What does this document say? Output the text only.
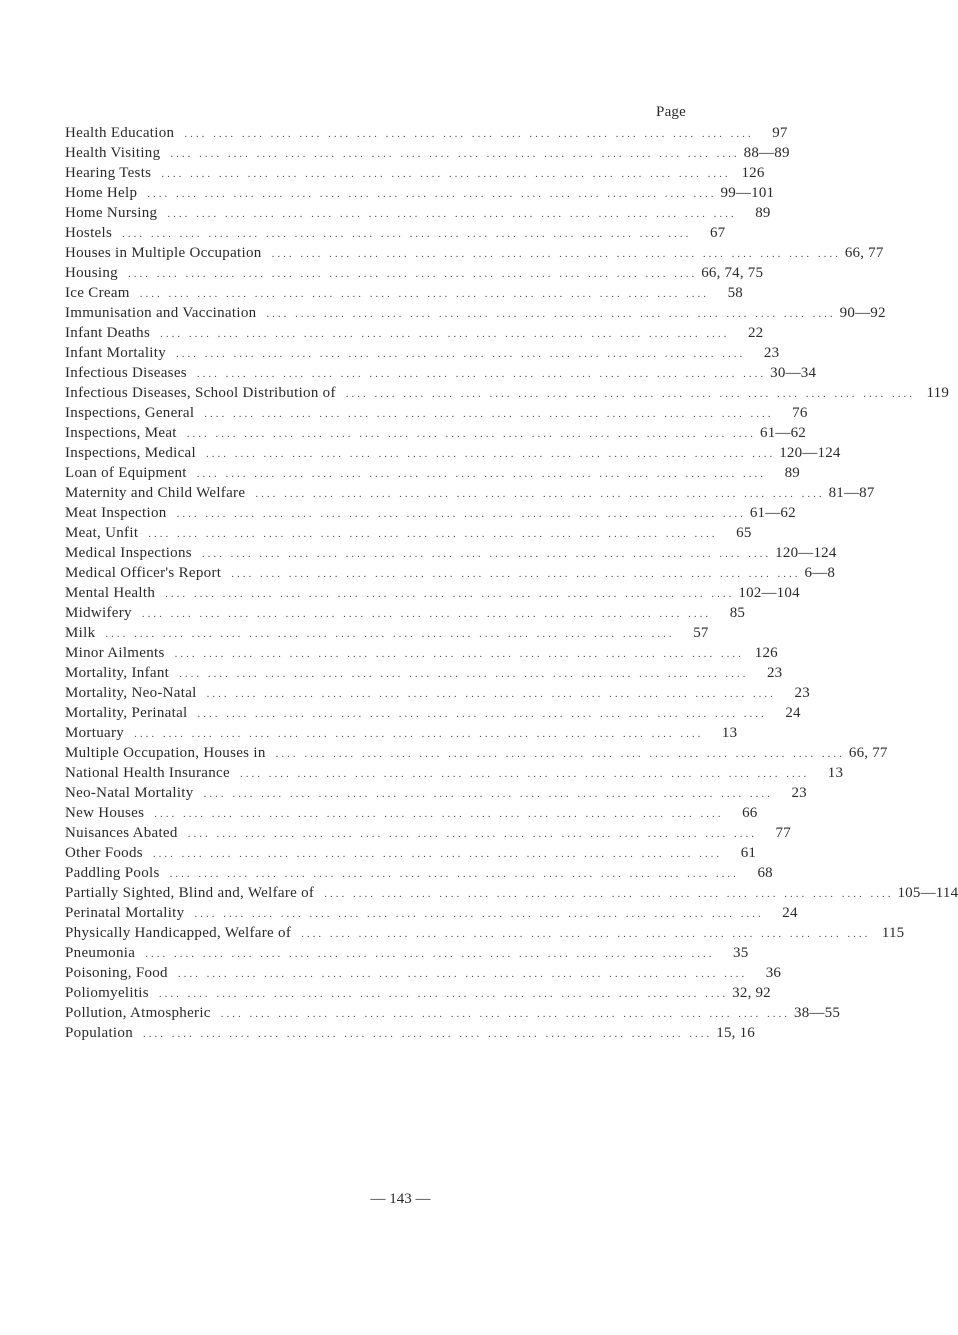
Page
Health Education .... .... .... .... .... .... .... .... .... .... .... .... .... .... .... .... .... .... .... ....	97
Health Visiting .... .... .... .... .... .... .... .... .... .... .... .... .... .... .... .... .... .... .... .... 88—89
Hearing Tests .... .... .... .... .... .... .... .... .... .... .... .... .... .... .... .... .... .... .... .... 126
Home Help .... .... .... .... .... .... .... .... .... .... .... .... .... .... .... .... .... .... .... .... 99—101
Home Nursing .... .... .... .... .... .... .... .... .... .... .... .... .... .... .... .... .... .... .... ....	89
Hostels .... .... .... .... .... .... .... .... .... .... .... .... .... .... .... .... .... .... .... ....	67
Houses in Multiple Occupation .... .... .... .... .... .... .... .... .... .... .... .... .... .... .... .... .... .... .... .... 66, 77
Housing .... .... .... .... .... .... .... .... .... .... .... .... .... .... .... .... .... .... .... .... 66, 74, 75
Ice Cream .... .... .... .... .... .... .... .... .... .... .... .... .... .... .... .... .... .... .... ....	58
Immunisation and Vaccination .... .... .... .... .... .... .... .... .... .... .... .... .... .... .... .... .... .... .... .... 90—92
Infant Deaths .... .... .... .... .... .... .... .... .... .... .... .... .... .... .... .... .... .... .... ....	22
Infant Mortality .... .... .... .... .... .... .... .... .... .... .... .... .... .... .... .... .... .... .... ....	23
Infectious Diseases .... .... .... .... .... .... .... .... .... .... .... .... .... .... .... .... .... .... .... .... 30—34
Infectious Diseases, School Distribution of .... .... .... .... .... .... .... .... .... .... .... .... .... .... .... .... .... .... .... .... 119
Inspections, General .... .... .... .... .... .... .... .... .... .... .... .... .... .... .... .... .... .... .... ....	76
Inspections, Meat .... .... .... .... .... .... .... .... .... .... .... .... .... .... .... .... .... .... .... .... 61—62
Inspections, Medical .... .... .... .... .... .... .... .... .... .... .... .... .... .... .... .... .... .... .... .... 120—124
Loan of Equipment .... .... .... .... .... .... .... .... .... .... .... .... .... .... .... .... .... .... .... ....	89
Maternity and Child Welfare .... .... .... .... .... .... .... .... .... .... .... .... .... .... .... .... .... .... .... .... 81—87
Meat Inspection .... .... .... .... .... .... .... .... .... .... .... .... .... .... .... .... .... .... .... .... 61—62
Meat, Unfit .... .... .... .... .... .... .... .... .... .... .... .... .... .... .... .... .... .... .... ....	65
Medical Inspections .... .... .... .... .... .... .... .... .... .... .... .... .... .... .... .... .... .... .... .... 120—124
Medical Officer's Report .... .... .... .... .... .... .... .... .... .... .... .... .... .... .... .... .... .... .... .... 6—8
Mental Health .... .... .... .... .... .... .... .... .... .... .... .... .... .... .... .... .... .... .... .... 102—104
Midwifery .... .... .... .... .... .... .... .... .... .... .... .... .... .... .... .... .... .... .... ....	85
Milk .... .... .... .... .... .... .... .... .... .... .... .... .... .... .... .... .... .... .... ....	57
Minor Ailments .... .... .... .... .... .... .... .... .... .... .... .... .... .... .... .... .... .... .... .... 126
Mortality, Infant .... .... .... .... .... .... .... .... .... .... .... .... .... .... .... .... .... .... .... ....	23
Mortality, Neo-Natal .... .... .... .... .... .... .... .... .... .... .... .... .... .... .... .... .... .... .... ....	23
Mortality, Perinatal .... .... .... .... .... .... .... .... .... .... .... .... .... .... .... .... .... .... .... ....	24
Mortuary .... .... .... .... .... .... .... .... .... .... .... .... .... .... .... .... .... .... .... ....	13
Multiple Occupation, Houses in .... .... .... .... .... .... .... .... .... .... .... .... .... .... .... .... .... .... .... .... 66, 77
National Health Insurance .... .... .... .... .... .... .... .... .... .... .... .... .... .... .... .... .... .... .... ....	13
Neo-Natal Mortality .... .... .... .... .... .... .... .... .... .... .... .... .... .... .... .... .... .... .... ....	23
New Houses .... .... .... .... .... .... .... .... .... .... .... .... .... .... .... .... .... .... .... ....	66
Nuisances Abated .... .... .... .... .... .... .... .... .... .... .... .... .... .... .... .... .... .... .... ....	77
Other Foods .... .... .... .... .... .... .... .... .... .... .... .... .... .... .... .... .... .... .... ....	61
Paddling Pools .... .... .... .... .... .... .... .... .... .... .... .... .... .... .... .... .... .... .... ....	68
Partially Sighted, Blind and, Welfare of .... .... .... .... .... .... .... .... .... .... .... .... .... .... .... .... .... .... .... .... 105—114
Perinatal Mortality .... .... .... .... .... .... .... .... .... .... .... .... .... .... .... .... .... .... .... ....	24
Physically Handicapped, Welfare of .... .... .... .... .... .... .... .... .... .... .... .... .... .... .... .... .... .... .... .... 115
Pneumonia .... .... .... .... .... .... .... .... .... .... .... .... .... .... .... .... .... .... .... ....	35
Poisoning, Food .... .... .... .... .... .... .... .... .... .... .... .... .... .... .... .... .... .... .... ....	36
Poliomyelitis .... .... .... .... .... .... .... .... .... .... .... .... .... .... .... .... .... .... .... .... 32, 92
Pollution, Atmospheric .... .... .... .... .... .... .... .... .... .... .... .... .... .... .... .... .... .... .... .... 38—55
Population .... .... .... .... .... .... .... .... .... .... .... .... .... .... .... .... .... .... .... .... 15, 16
— 143 —
